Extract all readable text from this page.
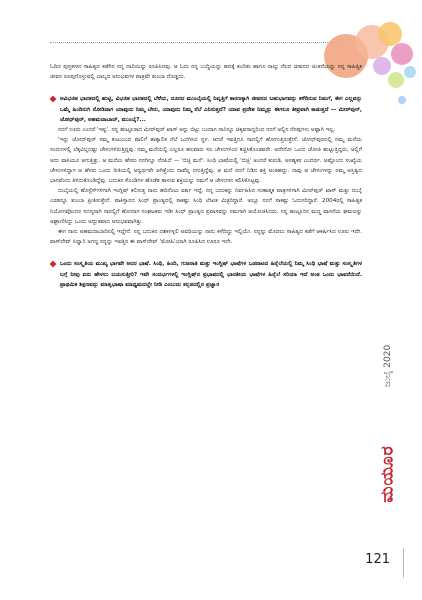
ಓದಿದ ಪುಸ್ತಕಗಳು ಸಾಹಿತ್ಯದ ಕಡೆಗಿನ ನನ್ನ ದಾರಿಯನ್ನು ರೂಪಿಸಿದವು. ಆ ಓದು ನನ್ನ ಬುದ್ಧಿಯನ್ನು ಹದಕ್ಕೆ ತಂದಿತು ಹಾಗೂ ನಾಲ್ಕು ನೆಲದ ಜೀವನದ ಚಿಂತನೆಯನ್ನು ನನ್ನ ಸಾಹಿತ್ಯಿಕ ಜೀವನ ರೂಪುಗೊಳ್ಳುವಲ್ಲಿ ಬಾಲ್ಯದ ಅನುಭವಗಳ ಪಾತ್ರವೇ ತುಂಬಾ ದೊಡ್ಡದು.

ಅವಿಭಜಿತ ಭಾರತದಲ್ಲಿ ಹುಟ್ಟಿ, ವಿಭಜಿತ ಭಾರತದಲ್ಲಿ ಬೆಳೆದು, ದೂರದ ಮುಂಬೈಯಲ್ಲಿ ನಿವೃತ್ತಿಗೆ ಕಾರಣಕ್ಕಾಗಿ ಜೀವನದ ಬಹುಭಾಗವನ್ನು ಕಳೆದಿರುವ ನಿಮಗೆ, ಈಗ ಎಲ್ಲವನ್ನು ಒಮ್ಮೆ ಹಿಂದಿರುಗಿ ನೋಡಿದಾಗ ಯಾವುದು ನಿಮ್ಮ ಬೇರು, ಯಾವುದು ನಿಮ್ಮ ನೆಲೆ ಎನಿಸುತ್ತದೆ? ಯಾವ ಪ್ರದೇಶ ನಿಮ್ಮನ್ನು ಈಗಲೂ ತೀವ್ರವಾಗಿ ಕಾಡುತ್ತದೆ — ಮೀರ್‌ಪುರ್‌, ಜೋಧ್‌ಪುರ್‌, ಅಹಮದಾಬಾದ್‌, ಮುಂಬೈ?...

ನನಗೆ ಊರು ಎಂದರೆ 'ಇಷ್ಟ'. ನನ್ನ ಹುಟ್ಟೂರಾದ ಮೀರ್‌ಪುರ್ ಖಾಸ್ ಅನ್ನು ಬಿಟ್ಟು ಬಂದಾಗ ನಾನಿನ್ನೂ ಚಿಕ್ಕವನಾದ್ದರಿಂದ ನನಗೆ ಅಲ್ಲಿನ ನೆನಪುಗಳು ಅಷ್ಟಾಗಿ ಇಲ್ಲ.

'ಇನ್ನು ಜೋಧ್‌ಪುರ್ ನಮ್ಮ ಕುಟುಂಬದ ಪಾಲಿಗೆ ತಾತ್ಕಾಲಿಕ ನೆಲೆ ಒದಗಿಸಿದ ಸ್ಥಳ. ಆದರೆ ಇವತ್ತಿಗೂ ನಾನಲ್ಲಿಗೆ ಹೋಗುತ್ತಿರುತ್ತೇನೆ. ಜೋಧ್‌ಪುರದಲ್ಲಿ ನಮ್ಮ ಮನೆಯ ಸಂದುಗಳಲ್ಲಿ ಲೆಕ್ಕವಿಲ್ಲದಷ್ಟು ಚೇಳುಗಳಿರುತ್ತಿದ್ದವು. ನಮ್ಮ ಮನೆಯಲ್ಲಿ ಎಲ್ಲರೂ ಹಲವಾರು ಸಲ ಚೇಳುಗಳಿಂದ ಕಚ್ಚಿಸಿಕೊಂಡವರೇ. ಅದೇನೋ ಒಂದು ಚೋಜಿ ಹುಟ್ಟುತ್ತಿದ್ದರು, ಅಲ್ಲಿಗೆ ಅದು ವಾಸಿಯೂ ಆಗುತ್ತಿತ್ತು. ಆ ಮನೆಯ ಹೆಸರು ನನಗಿನ್ನೂ ನೆನಪಿದೆ — 'ಬಿಚ್ಛಿ ಮನೆ'. ಸಿಂಧಿ ಭಾಷೆಯಲ್ಲಿ 'ಬಿಚ್ಛಿ' ಅಂದರೆ ಕುರುಡಿ, ಅಸಹ್ಯಕರ ಎಂದರ್ಥ. ಅಷ್ಟೊಂದು ಸಂಖ್ಯೆಯ ಚೇಳುಗಳಿದ್ದಾಗ ಆ ಹೆಸರು ಒಂದು ರೀತಿಯಲ್ಲಿ ಅನ್ವರ್ಥವೇ ಆಗಿತ್ತೆಂದು ನಾವೆಲ್ಲ ನಗುತ್ತಿದ್ದೆವು. ಆ ಮನೆ ನನಗೆ ನಿಡಿದ ಶಕ್ತಿ ಅಂತಹದ್ದು. ನಾವು ಆ ಚೇಳುಗಳನ್ನು ನಮ್ಮ ಅಸ್ತಿತ್ವದ ಭಾಗವೆಂದು ತಿಳಿದುಕೊಂಡಿದ್ದೆವು. ಬದುಕಿನ ಕೊಂಡಿಗಳ ಹೊಡೆತ ತಾಳುವ ಶಕ್ತಿಯನ್ನು ನಮಗೆ ಆ ಚೇಳುಗಳು ಕಲಿಸಿಕೊಟ್ಟವು.

ದುಬೈಯಲ್ಲಿ ಹೊಸ್ಟೆಸ್‌ಗಳಿಗಾಗಿ ಇಂಗ್ಲಿಷ್ ಕಲಿಸುತ್ತ ನಾನು ಹದಿನೆಂಟು ವರ್ಷ ಇದ್ದೆ. ನನ್ನ ಬದುಕನ್ನು ನಿರ್ವಹಿಸಿದ ಗುಣಾತ್ಮಕ ಪಾತ್ರಗಳಿಗಾಗಿ ಮೀರ್‌ಪುರ್ ಖಾಸ್ ಮತ್ತು ದುಬೈ ಎರಡನ್ನೂ ತುಂಬಾ ಪ್ರೀತಿಸುತ್ತೇನೆ. ಪಾಕಿಸ್ತಾನದ ಸಿಂಧ್ ಪ್ರಾಂತ್ಯದಲ್ಲಿ ಸಾಕಷ್ಟು ಸಿಂಧಿ ಲೇಖಕ ಮಿತ್ರರಿದ್ದಾರೆ. ಅಲ್ಲೂ ನನಗೆ ಸಾಕಷ್ಟು ಓದುಗರಿದ್ದಾರೆ. 2004ರಲ್ಲಿ ಸಾಹಿತ್ಯಕ ನಿಯೋಗವೊಂದರ ಸದಸ್ಯನಾಗಿ ನಾನಲ್ಲಿಗೆ ಹೋದಾಗ ಸಂಘಟಕರು ಇಡೀ ಸಿಂಧ್ ಪ್ರಾಂತ್ಯದ ಪ್ರವಾಸವನ್ನು ನಮಗಾಗಿ ಆಯೋಜಿಸಿದರು. ನನ್ನ ಹುಟ್ಟೂರಿನ ಮಣ್ಣ ವಾಸನೆಯ ಘಮಲನ್ನು ಅಘ್ರಾಣಿಸಿದ್ದು ಒಂದು ಅದ್ಭುತವಾದ ಅನುಭವವಾಗಿತ್ತು.

ಈಗ ನಾನು ಅಹಮದಾಬಾದಿನಲ್ಲಿ ಇದ್ದೇನೆ. ನನ್ನ ಬದುಕಿನ ದಶಕಗಳ್ಳಲಿ ಅವಧಿಯನ್ನು ನಾನು ಕಳೆದಿದ್ದು ಇಲ್ಲಿಯೇ. ನನ್ನನ್ನು ಮೊದಲು ಸಾಹಿತ್ಯದ ಕಡೆಗೆ ಆಕರ್ಷಿಸಿದ ಊರು ಇದೇ. ವಾಸ್‌ದೇವ್ ಸಿಧ್ವಾನಿ ಅಗದ್ದ ನನ್ನನ್ನು ಇವತ್ತಿನ ಈ ವಾಸ್‌ದೇವ್ 'ಮೋಹಿ'ಯಾಗಿ ರೂಪಿಸಿದ ಊರೂ ಇದೇ.

ಒಂದು ಸಂಸ್ಕೃತಿಯ ಮುಖ್ಯ ಭಾಗವೇ ಅದರ ಭಾಷೆ. ಸಿಂಧಿ, ಹಿಂದಿ, ಗುಜರಾತಿ ಮತ್ತು ಇಂಗ್ಲಿಷ್ ಭಾಷೆಗಳ ಒಡನಾಟದ ಹಿನ್ನೆಲೆಯಲ್ಲಿ ನಿಮ್ಮ ಸಿಂಧಿ ಭಾಷೆ ಮತ್ತು ಸಂಸ್ಕೃತಿಗಳ ಬಗ್ಗೆ ನೀವು ಏನು ಹೇಳಲು ಬಯಸುತ್ತೀರಿ? ಇವೇ ಸಂದರ್ಭಗಳಲ್ಲಿ ಇಂಗ್ಲಿಷ್‌ನ ಪ್ರಭಾವದಲ್ಲಿ ಭಾರತೀಯ ಭಾಷೆಗಳ ಹಿನ್ನೆಲೆ ಸರಿಯಾ ಇದೆ ಅಂತ ಒಂದು ಭಾವನೆಯಿದೆ. ಪ್ರಾಥಮಿಕ ಶಿಕ್ಷಣವನ್ನು ಮಾತೃಭಾಷಾ ಮಾಧ್ಯಮದಲ್ಲೇ ನೀಡಿ ಎಂಬುದು ಕನ್ನಡದಲ್ಲಿನ ಪ್ರಜ್ಞಾರ

ಜುಲೈ 2020
ಮಯೂರ
121
